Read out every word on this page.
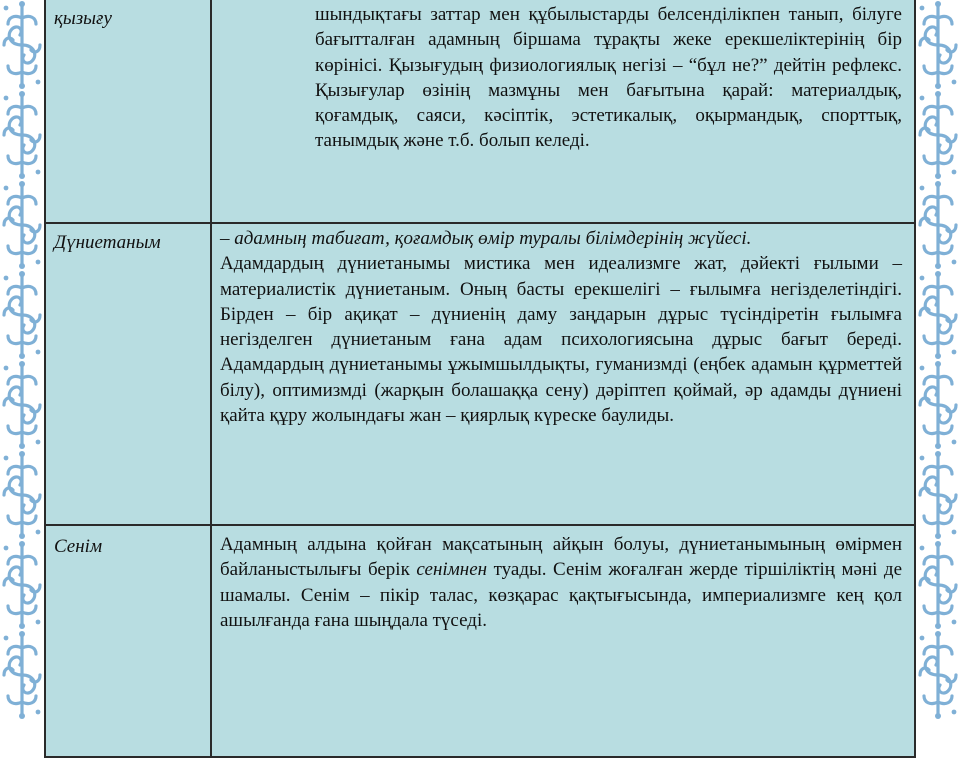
қызығу	шындықтағы заттар мен құбылыстарды белсенділікпен танып, білуге бағытталған адамның біршама тұрақты жеке ерекшеліктерінің бір көрінісі. Қызығудың физиологиялық негізі – “бұл не?” дейтін рефлекс. Қызығулар өзінің мазмұны мен бағытына қарай: материалдық, қоғамдық, саяси, кәсіптік, эстетикалық, оқырмандық, спорттық, танымдық және т.б. болып келеді.

Дүниетаным	– адамның табиғат, қоғамдық өмір туралы білімдерінің жүйесі.

Адамдардың дүниетанымы мистика мен идеализмге жат, дәйекті ғылыми – материалистік дүниетаным. Оның басты ерекшелігі – ғылымға негізделетіндігі. Бірден – бір ақиқат – дүниенің даму заңдарын дұрыс түсіндіретін ғылымға негізделген дүниетаным ғана адам психологиясына дұрыс бағыт береді. Адамдардың дүниетанымы ұжымшылдықты, гуманизмді (еңбек адамын құрметтей білу), оптимизмді (жарқын болашаққа сену) дәріптеп қоймай, әр адамды дүниені қайта құру жолындағы жан – қиярлық күреске баулиды.

Сенім	Адамның алдына қойған мақсатының айқын болуы, дүниетанымының өмірмен байланыстылығы берік сенімнен туады. Сенім жоғалған жерде тіршіліктің мәні де шамалы. Сенім – пікір талас, көзқарас қақтығысында, империализмге кең қол ашылғанда ғана шыңдала түседі.
